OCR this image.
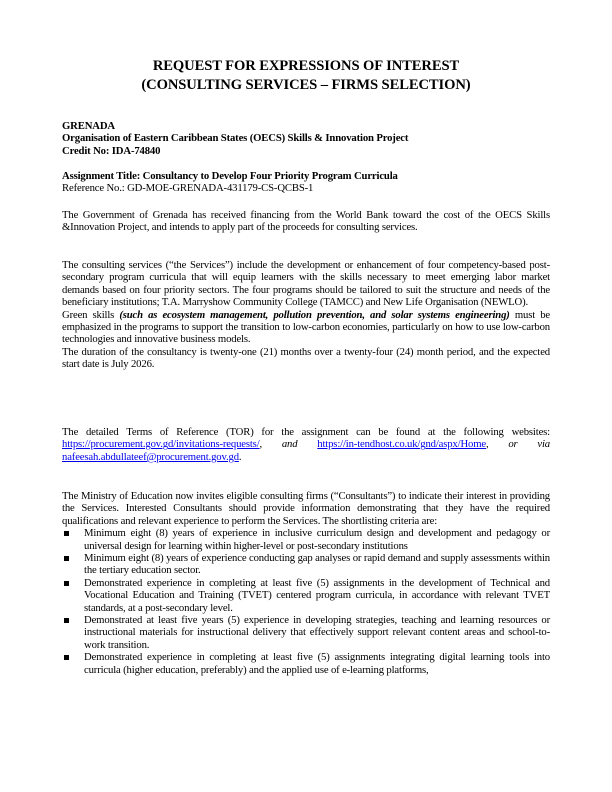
REQUEST FOR EXPRESSIONS OF INTEREST
(CONSULTING SERVICES – FIRMS SELECTION)
GRENADA
Organisation of Eastern Caribbean States (OECS) Skills & Innovation Project
Credit No: IDA-74840
Assignment Title: Consultancy to Develop Four Priority Program Curricula
Reference No.: GD-MOE-GRENADA-431179-CS-QCBS-1

The Government of Grenada has received financing from the World Bank toward the cost of the OECS Skills &Innovation Project, and intends to apply part of the proceeds for consulting services.

The consulting services (“the Services”) include the development or enhancement of four competency-based post-secondary program curricula that will equip learners with the skills necessary to meet emerging labor market demands based on four priority sectors. The four programs should be tailored to suit the structure and needs of the beneficiary institutions; T.A. Marryshow Community College (TAMCC) and New Life Organisation (NEWLO).

Green skills (such as ecosystem management, pollution prevention, and solar systems engineering) must be emphasized in the programs to support the transition to low-carbon economies, particularly on how to use low-carbon technologies and innovative business models.

The duration of the consultancy is twenty-one (21) months over a twenty-four (24) month period, and the expected start date is July 2026.

The detailed Terms of Reference (TOR) for the assignment can be found at the following websites: https://procurement.gov.gd/invitations-requests/, and https://in-tendhost.co.uk/gnd/aspx/Home, or via nafeesah.abdullateef@procurement.gov.gd.

The Ministry of Education now invites eligible consulting firms (“Consultants”) to indicate their interest in providing the Services. Interested Consultants should provide information demonstrating that they have the required qualifications and relevant experience to perform the Services. The shortlisting criteria are:

Minimum eight (8) years of experience in inclusive curriculum design and development and pedagogy or universal design for learning within higher-level or post-secondary institutions
Minimum eight (8) years of experience conducting gap analyses or rapid demand and supply assessments within the tertiary education sector.
Demonstrated experience in completing at least five (5) assignments in the development of Technical and Vocational Education and Training (TVET) centered program curricula, in accordance with relevant TVET standards, at a post-secondary level.
Demonstrated at least five years (5) experience in developing strategies, teaching and learning resources or instructional materials for instructional delivery that effectively support relevant content areas and school-to-work transition.
Demonstrated experience in completing at least five (5) assignments integrating digital learning tools into curricula (higher education, preferably) and the applied use of e-learning platforms,
